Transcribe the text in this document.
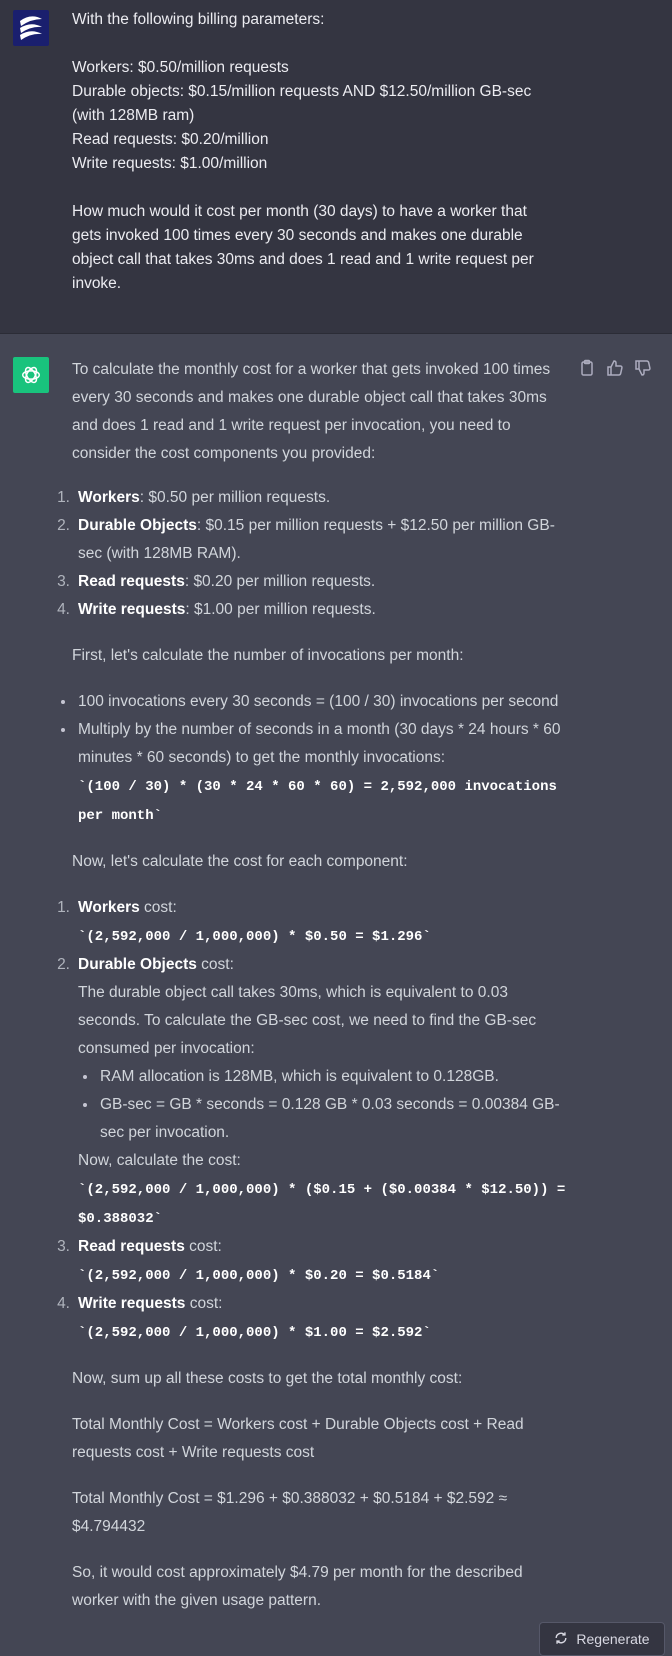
With the following billing parameters:

Workers: $0.50/million requests

Durable objects: $0.15/million requests AND $12.50/million GB-sec (with 128MB ram)

Read requests: $0.20/million

Write requests: $1.00/million

How much would it cost per month (30 days) to have a worker that gets invoked 100 times every 30 seconds and makes one durable object call that takes 30ms and does 1 read and 1 write request per invoke.

To calculate the monthly cost for a worker that gets invoked 100 times every 30 seconds and makes one durable object call that takes 30ms and does 1 read and 1 write request per invocation, you need to consider the cost components you provided:

1. Workers: $0.50 per million requests.
2. Durable Objects: $0.15 per million requests + $12.50 per million GB-sec (with 128MB RAM).
3. Read requests: $0.20 per million requests.
4. Write requests: $1.00 per million requests.

First, let's calculate the number of invocations per month:

100 invocations every 30 seconds = (100 / 30) invocations per second
Multiply by the number of seconds in a month (30 days * 24 hours * 60 minutes * 60 seconds) to get the monthly invocations:
`(100 / 30) * (30 * 24 * 60 * 60) = 2,592,000 invocations per month`

Now, let's calculate the cost for each component:

1. Workers cost:
`(2,592,000 / 1,000,000) * $0.50 = $1.296`
2. Durable Objects cost:
The durable object call takes 30ms, which is equivalent to 0.03 seconds. To calculate the GB-sec cost, we need to find the GB-sec consumed per invocation:
RAM allocation is 128MB, which is equivalent to 0.128GB.
GB-sec = GB * seconds = 0.128 GB * 0.03 seconds = 0.00384 GB-sec per invocation.
Now, calculate the cost:
`(2,592,000 / 1,000,000) * ($0.15 + ($0.00384 * $12.50)) = $0.388032`
3. Read requests cost:
`(2,592,000 / 1,000,000) * $0.20 = $0.5184`
4. Write requests cost:
`(2,592,000 / 1,000,000) * $1.00 = $2.592`

Now, sum up all these costs to get the total monthly cost:

Total Monthly Cost = Workers cost + Durable Objects cost + Read requests cost + Write requests cost

Total Monthly Cost = $1.296 + $0.388032 + $0.5184 + $2.592 ≈ $4.794432

So, it would cost approximately $4.79 per month for the described worker with the given usage pattern.

Regenerate
